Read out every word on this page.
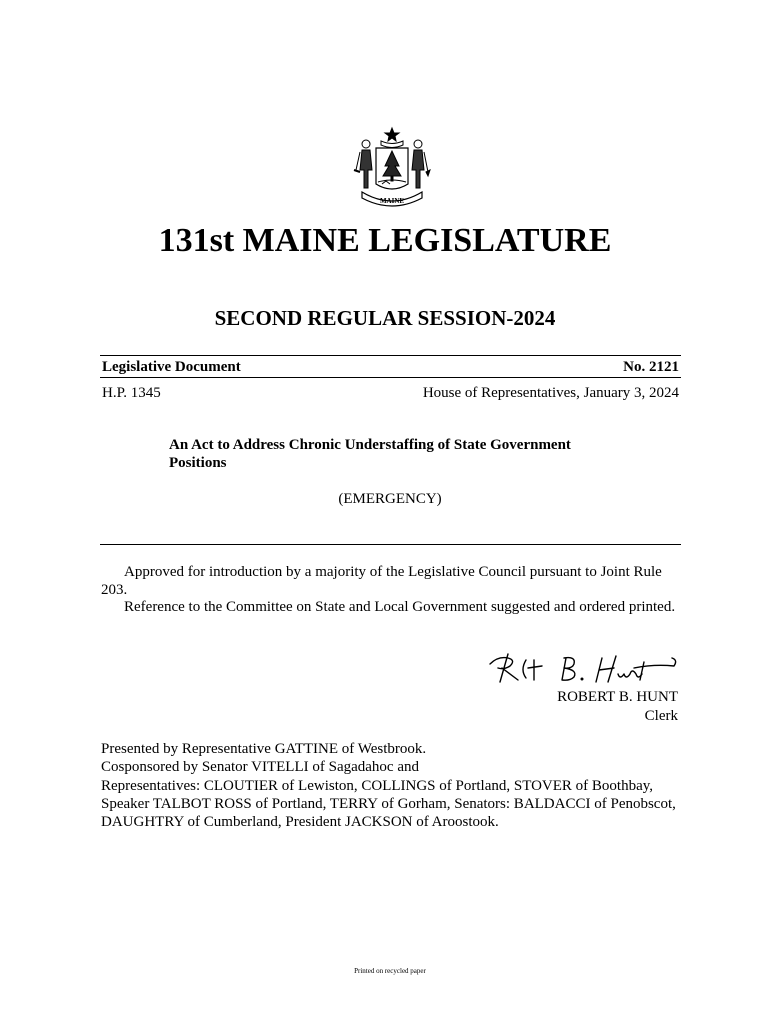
MAINE
131st MAINE LEGISLATURE
SECOND REGULAR SESSION-2024
Legislative Document	No. 2121
H.P. 1345	House of Representatives, January 3, 2024
An Act to Address Chronic Understaffing of State Government
Positions
(EMERGENCY)

Approved for introduction by a majority of the Legislative Council pursuant to Joint Rule 203.

Reference to the Committee on State and Local Government suggested and ordered printed.

ROBERT B. HUNT
Clerk

Presented by Representative GATTINE of Westbrook.

Cosponsored by Senator VITELLI of Sagadahoc and

Representatives: CLOUTIER of Lewiston, COLLINGS of Portland, STOVER of Boothbay, Speaker TALBOT ROSS of Portland, TERRY of Gorham, Senators: BALDACCI of Penobscot, DAUGHTRY of Cumberland, President JACKSON of Aroostook.

Printed on recycled paper
